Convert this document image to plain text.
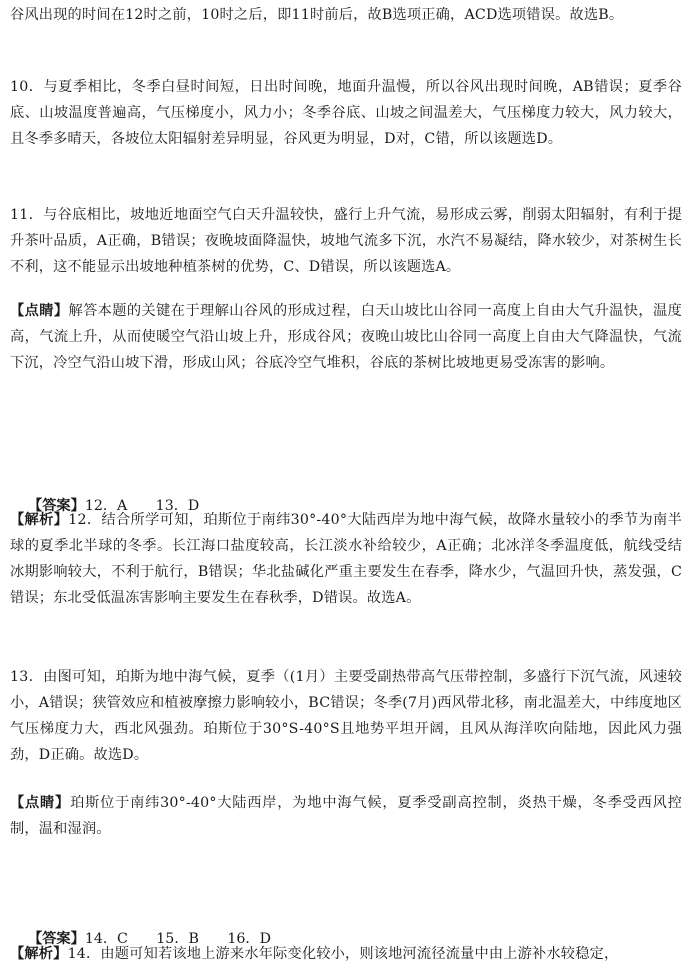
谷风出现的时间在12时之前，10时之后，即11时前后，故B选项正确，ACD选项错误。故选B。

10．与夏季相比，冬季白昼时间短，日出时间晚，地面升温慢，所以谷风出现时间晚，AB错误；夏季谷底、山坡温度普遍高，气压梯度小，风力小；冬季谷底、山坡之间温差大，气压梯度力较大，风力较大，且冬季多晴天，各坡位太阳辐射差异明显，谷风更为明显，D对，C错，所以该题选D。

11．与谷底相比，坡地近地面空气白天升温较快，盛行上升气流，易形成云雾，削弱太阳辐射，有利于提升茶叶品质，A正确，B错误；夜晚坡面降温快，坡地气流多下沉，水汽不易凝结，降水较少，对茶树生长不利，这不能显示出坡地种植茶树的优势，C、D错误，所以该题选A。

【点睛】解答本题的关键在于理解山谷风的形成过程，白天山坡比山谷同一高度上自由大气升温快，温度高，气流上升，从而使暖空气沿山坡上升，形成谷风；夜晚山坡比山谷同一高度上自由大气降温快，气流下沉，冷空气沿山坡下滑，形成山风；谷底冷空气堆积，谷底的茶树比坡地更易受冻害的影响。

【答案】12．A　　13．D

【解析】12．结合所学可知，珀斯位于南纬30°-40°大陆西岸为地中海气候，故降水量较小的季节为南半球的夏季北半球的冬季。长江海口盐度较高，长江淡水补给较少，A正确；北冰洋冬季温度低，航线受结冰期影响较大，不利于航行，B错误；华北盐碱化严重主要发生在春季，降水少，气温回升快，蒸发强，C错误；东北受低温冻害影响主要发生在春秋季，D错误。故选A。

13．由图可知，珀斯为地中海气候，夏季（(1月）主要受副热带高气压带控制，多盛行下沉气流，风速较小，A错误；狭管效应和植被摩擦力影响较小，BC错误；冬季(7月)西风带北移，南北温差大，中纬度地区气压梯度力大，西北风强劲。珀斯位于30°S-40°S且地势平坦开阔，且风从海洋吹向陆地，因此风力强劲，D正确。故选D。

【点睛】珀斯位于南纬30°-40°大陆西岸，为地中海气候，夏季受副高控制，炎热干燥，冬季受西风控制，温和湿润。

【答案】14．C　　15．B　　16．D

【解析】14．由题可知若该地上游来水年际变化较小，则该地河流径流量中由上游补水较稳定，
